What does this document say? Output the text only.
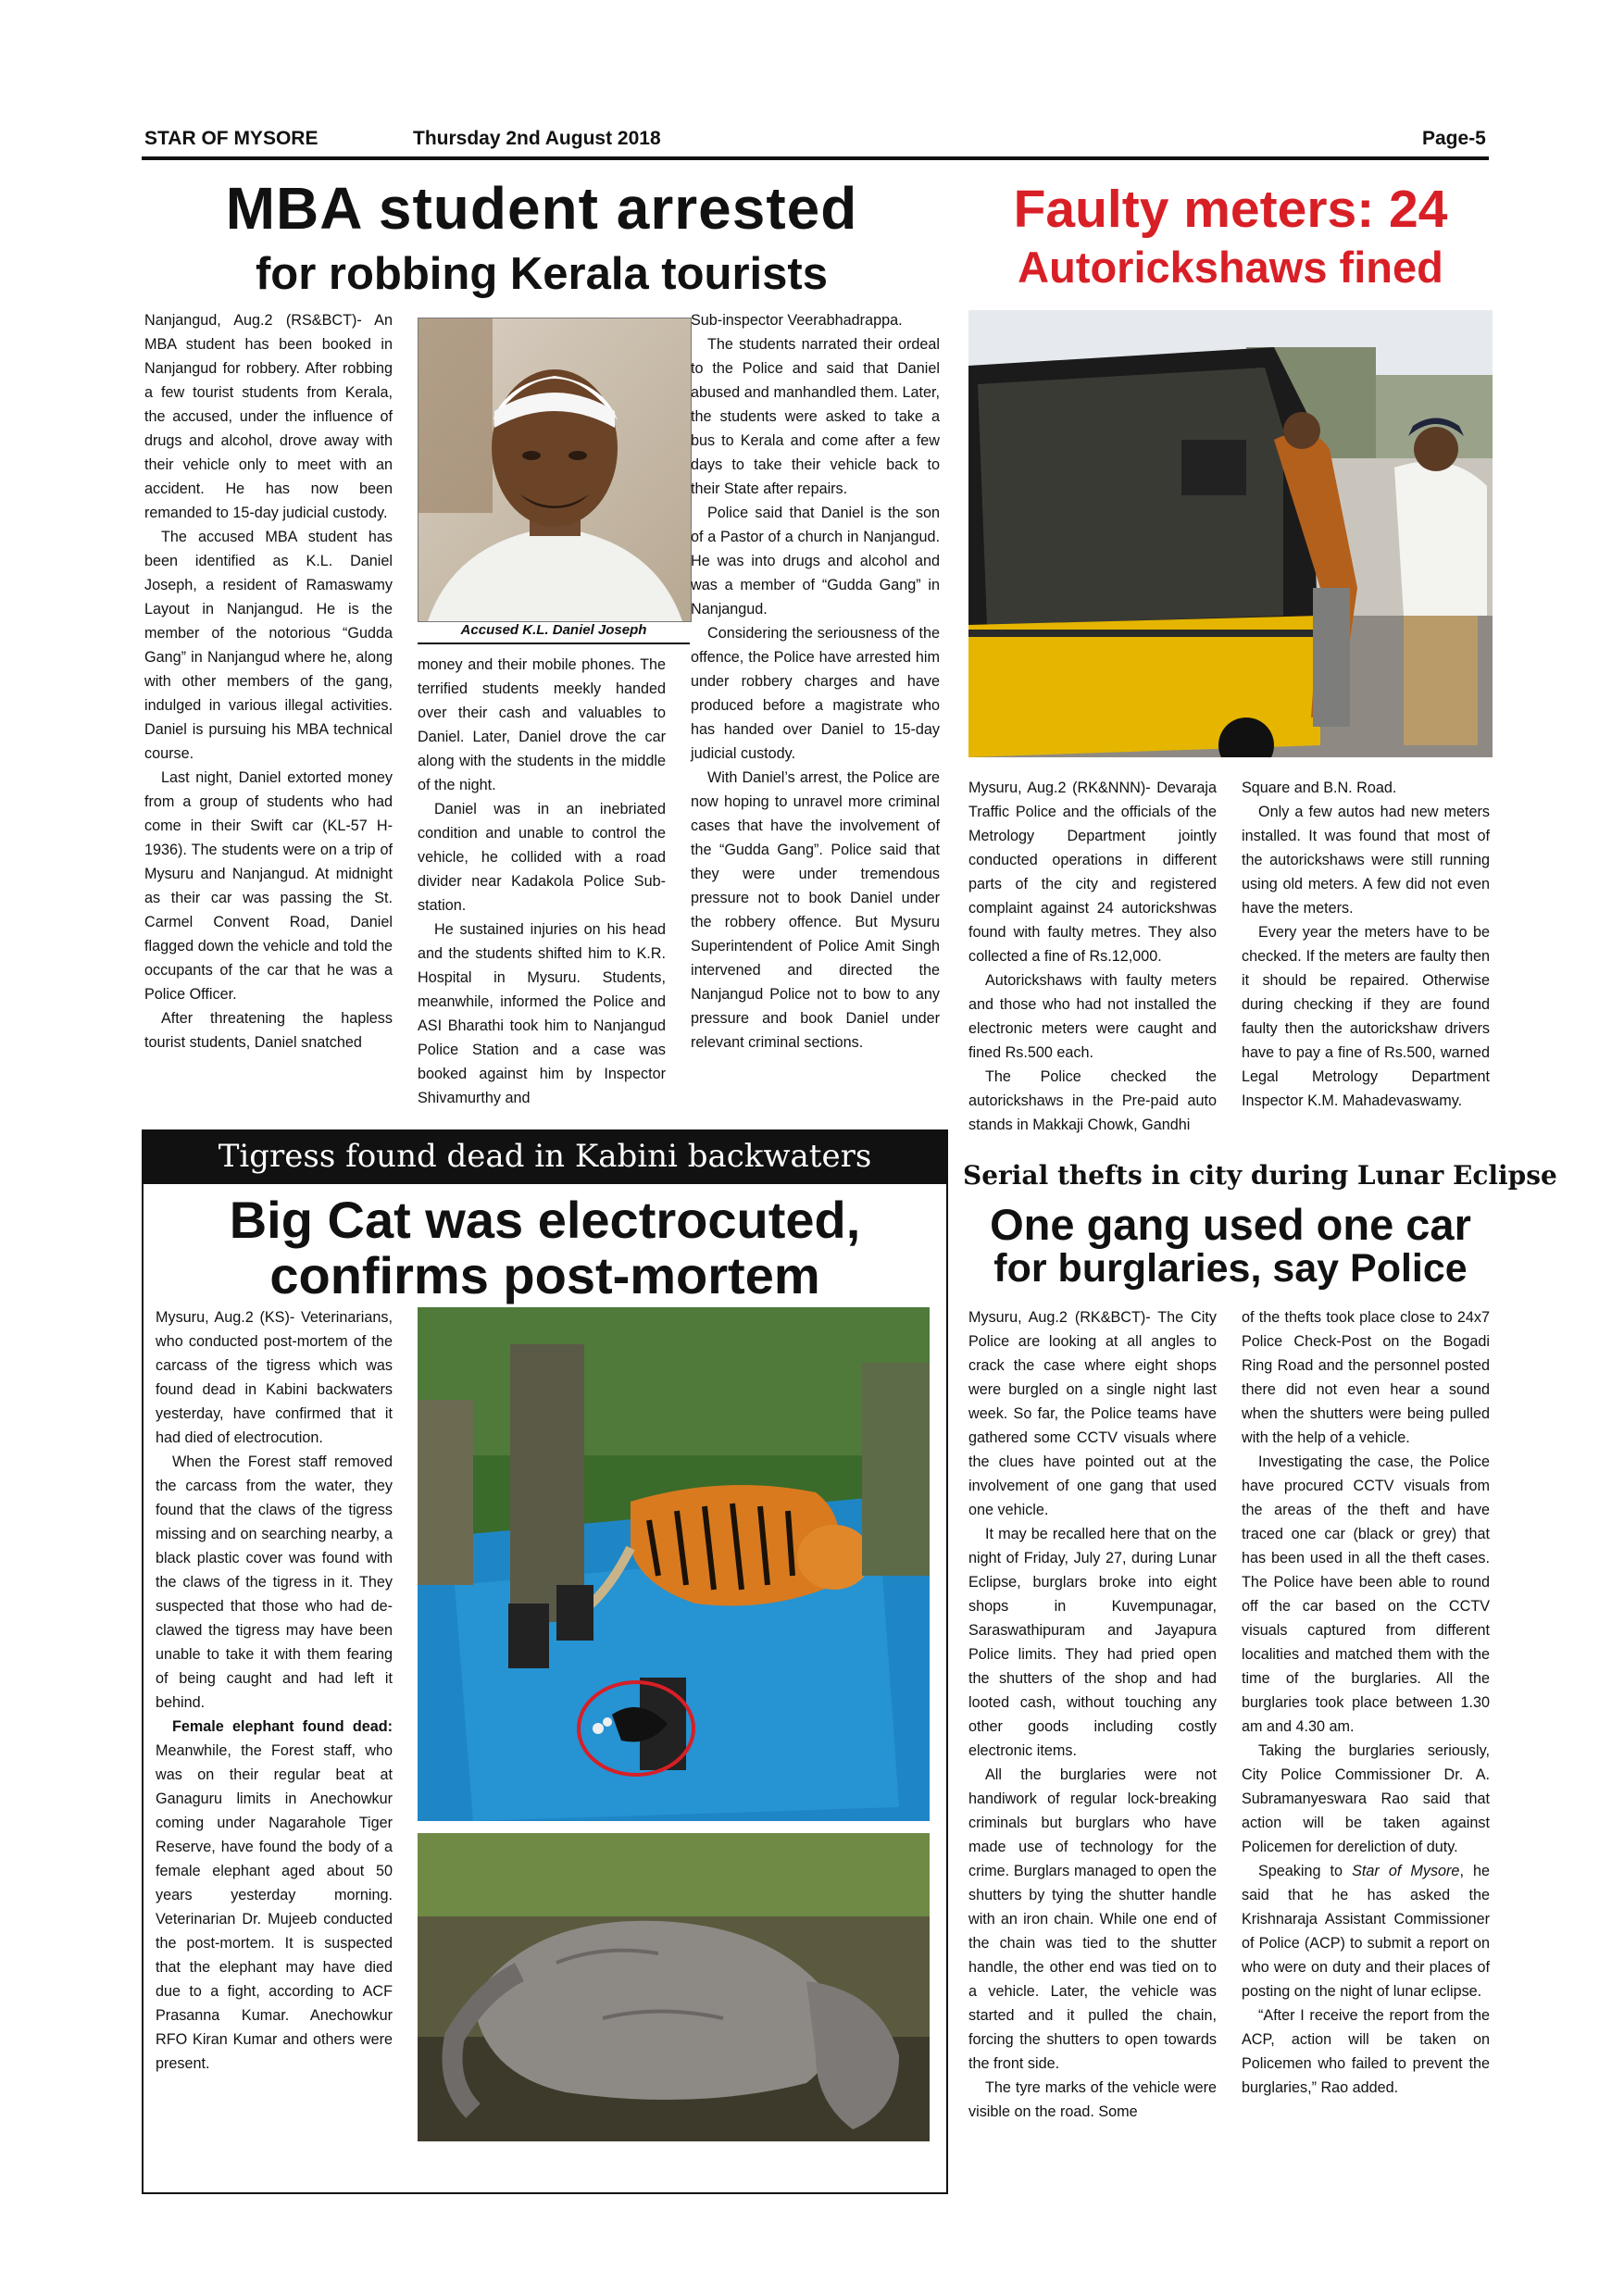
STAR OF MYSORE	Thursday 2nd August 2018	Page-5
MBA student arrested
for robbing Kerala tourists

Nanjangud, Aug.2 (RS&BCT)- An MBA student has been booked in Nanjangud for robbery. After robbing a few tourist students from Kerala, the accused, under the influence of drugs and alcohol, drove away with their vehicle only to meet with an accident. He has now been remanded to 15-day judicial custody.

The accused MBA student has been identified as K.L. Daniel Joseph, a resident of Ramaswamy Layout in Nanjangud. He is the member of the notorious “Gudda Gang” in Nanjangud where he, along with other members of the gang, indulged in various illegal activities. Daniel is pursuing his MBA technical course.

Last night, Daniel extorted money from a group of students who had come in their Swift car (KL-57 H-1936). The students were on a trip of Mysuru and Nanjangud. At midnight as their car was passing the St. Carmel Convent Road, Daniel flagged down the vehicle and told the occupants of the car that he was a Police Officer.

After threatening the hapless tourist students, Daniel snatched

Accused K.L. Daniel Joseph

money and their mobile phones. The terrified students meekly handed over their cash and valuables to Daniel. Later, Daniel drove the car along with the students in the middle of the night.

Daniel was in an inebriated condition and unable to control the vehicle, he collided with a road divider near Kadakola Police Sub-station.

He sustained injuries on his head and the students shifted him to K.R. Hospital in Mysuru. Students, meanwhile, informed the Police and ASI Bharathi took him to Nanjangud Police Station and a case was booked against him by Inspector Shivamurthy and

Sub-inspector Veerabhadrappa.

The students narrated their ordeal to the Police and said that Daniel abused and manhandled them. Later, the students were asked to take a bus to Kerala and come after a few days to take their vehicle back to their State after repairs.

Police said that Daniel is the son of a Pastor of a church in Nanjangud. He was into drugs and alcohol and was a member of “Gudda Gang” in Nanjangud.

Considering the seriousness of the offence, the Police have arrested him under robbery charges and have produced before a magistrate who has handed over Daniel to 15-day judicial custody.

With Daniel’s arrest, the Police are now hoping to unravel more criminal cases that have the involvement of the “Gudda Gang”. Police said that they were under tremendous pressure not to book Daniel under the robbery offence. But Mysuru Superintendent of Police Amit Singh intervened and directed the Nanjangud Police not to bow to any pressure and book Daniel under relevant criminal sections.

Faulty meters: 24
Autorickshaws fined

Mysuru, Aug.2 (RK&NNN)- Devaraja Traffic Police and the officials of the Metrology Department jointly conducted operations in different parts of the city and registered complaint against 24 autorickshwas found with faulty metres. They also collected a fine of Rs.12,000.

Autorickshaws with faulty meters and those who had not installed the electronic meters were caught and fined Rs.500 each.

The Police checked the autorickshaws in the Pre-paid auto stands in Makkaji Chowk, Gandhi

Square and B.N. Road.

Only a few autos had new meters installed. It was found that most of the autorickshaws were still running using old meters. A few did not even have the meters.

Every year the meters have to be checked. If the meters are faulty then it should be repaired. Otherwise during checking if they are found faulty then the autorickshaw drivers have to pay a fine of Rs.500, warned Legal Metrology Department Inspector K.M. Mahadevaswamy.

Tigress found dead in Kabini backwaters
Big Cat was electrocuted,
confirms post-mortem

Mysuru, Aug.2 (KS)- Veterinarians, who conducted post-mortem of the carcass of the tigress which was found dead in Kabini backwaters yesterday, have confirmed that it had died of electrocution.

When the Forest staff removed the carcass from the water, they found that the claws of the tigress missing and on searching nearby, a black plastic cover was found with the claws of the tigress in it. They suspected that those who had de-clawed the tigress may have been unable to take it with them fearing of being caught and had left it behind.

Female elephant found dead: Meanwhile, the Forest staff, who was on their regular beat at Ganaguru limits in Anechowkur coming under Nagarahole Tiger Reserve, have found the body of a female elephant aged about 50 years yesterday morning. Veterinarian Dr. Mujeeb conducted the post-mortem. It is suspected that the elephant may have died due to a fight, according to ACF Prasanna Kumar. Anechowkur RFO Kiran Kumar and others were present.

Serial thefts in city during Lunar Eclipse
One gang used one car
for burglaries, say Police

Mysuru, Aug.2 (RK&BCT)- The City Police are looking at all angles to crack the case where eight shops were burgled on a single night last week. So far, the Police teams have gathered some CCTV visuals where the clues have pointed out at the involvement of one gang that used one vehicle.

It may be recalled here that on the night of Friday, July 27, during Lunar Eclipse, burglars broke into eight shops in Kuvempunagar, Saraswathipuram and Jayapura Police limits. They had pried open the shutters of the shop and had looted cash, without touching any other goods including costly electronic items.

All the burglaries were not handiwork of regular lock-breaking criminals but burglars who have made use of technology for the crime. Burglars managed to open the shutters by tying the shutter handle with an iron chain. While one end of the chain was tied to the shutter handle, the other end was tied on to a vehicle. Later, the vehicle was started and it pulled the chain, forcing the shutters to open towards the front side.

The tyre marks of the vehicle were visible on the road. Some

of the thefts took place close to 24x7 Police Check-Post on the Bogadi Ring Road and the personnel posted there did not even hear a sound when the shutters were being pulled with the help of a vehicle.

Investigating the case, the Police have procured CCTV visuals from the areas of the theft and have traced one car (black or grey) that has been used in all the theft cases. The Police have been able to round off the car based on the CCTV visuals captured from different localities and matched them with the time of the burglaries. All the burglaries took place between 1.30 am and 4.30 am.

Taking the burglaries seriously, City Police Commissioner Dr. A. Subramanyeswara Rao said that action will be taken against Policemen for dereliction of duty.

Speaking to Star of Mysore, he said that he has asked the Krishnaraja Assistant Commissioner of Police (ACP) to submit a report on who were on duty and their places of posting on the night of lunar eclipse.

“After I receive the report from the ACP, action will be taken on Policemen who failed to prevent the burglaries,” Rao added.
